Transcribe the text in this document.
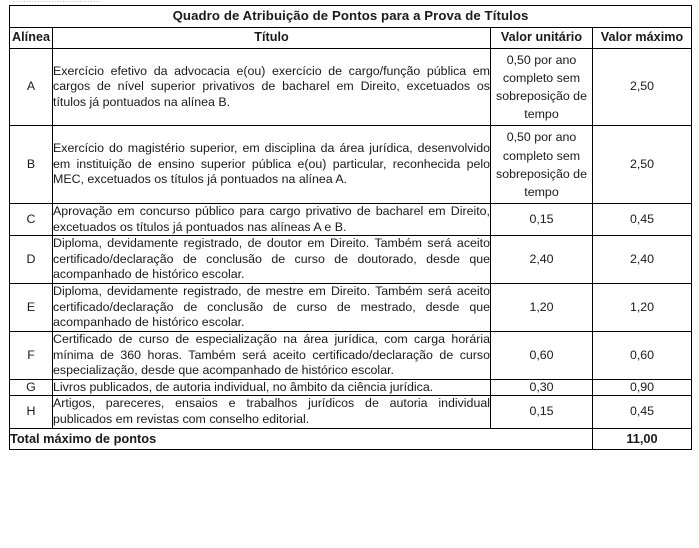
Quadro de Atribuição de Pontos para a Prova de Títulos			
Alínea	Título	Valor unitário	Valor máximo
A	Exercício efetivo da advocacia e(ou) exercício de cargo/função pública em cargos de nível superior privativos de bacharel em Direito, excetuados os títulos já pontuados na alínea B.	0,50 por ano completo sem sobreposição de tempo	2,50
B	Exercício do magistério superior, em disciplina da área jurídica, desenvolvido em instituição de ensino superior pública e(ou) particular, reconhecida pelo MEC, excetuados os títulos já pontuados na alínea A.	0,50 por ano completo sem sobreposição de tempo	2,50
C	Aprovação em concurso público para cargo privativo de bacharel em Direito, excetuados os títulos já pontuados nas alíneas A e B.	0,15	0,45
D	Diploma, devidamente registrado, de doutor em Direito. Também será aceito certificado/declaração de conclusão de curso de doutorado, desde que acompanhado de histórico escolar.	2,40	2,40
E	Diploma, devidamente registrado, de mestre em Direito. Também será aceito certificado/declaração de conclusão de curso de mestrado, desde que acompanhado de histórico escolar.	1,20	1,20
F	Certificado de curso de especialização na área jurídica, com carga horária mínima de 360 horas. Também será aceito certificado/declaração de curso especialização, desde que acompanhado de histórico escolar.	0,60	0,60
G	Livros publicados, de autoria individual, no âmbito da ciência jurídica.	0,30	0,90
H	Artigos, pareceres, ensaios e trabalhos jurídicos de autoria individual publicados em revistas com conselho editorial.	0,15	0,45
Total máximo de pontos			11,00
